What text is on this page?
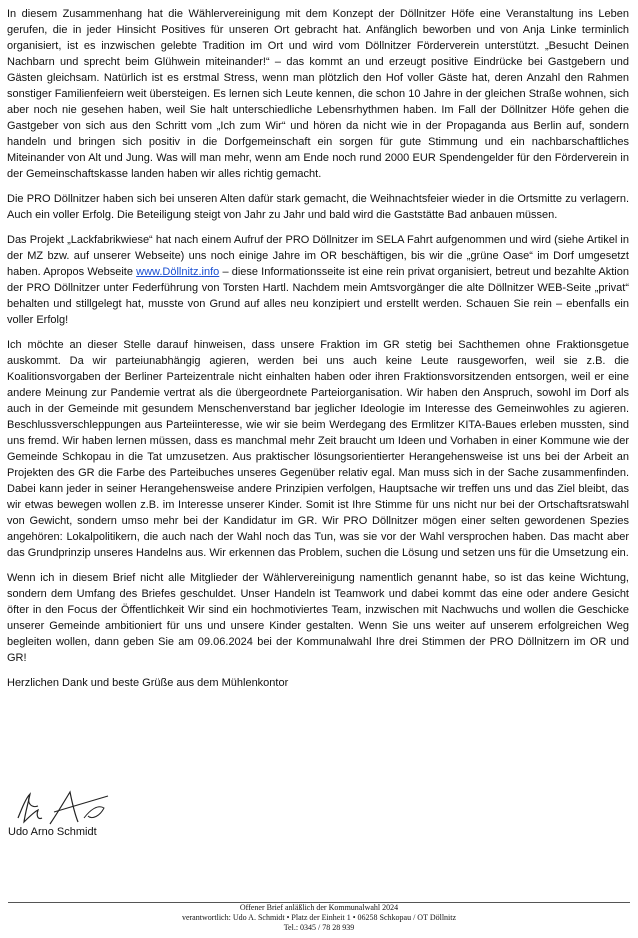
In diesem Zusammenhang hat die Wählervereinigung mit dem Konzept der Döllnitzer Höfe eine Veranstaltung ins Leben gerufen, die in jeder Hinsicht Positives für unseren Ort gebracht hat. Anfänglich beworben und von Anja Linke terminlich organisiert, ist es inzwischen gelebte Tradition im Ort und wird vom Döllnitzer Förderverein unterstützt. „Besucht Deinen Nachbarn und sprecht beim Glühwein miteinander!“ – das kommt an und erzeugt positive Eindrücke bei Gastgebern und Gästen gleichsam. Natürlich ist es erstmal Stress, wenn man plötzlich den Hof voller Gäste hat, deren Anzahl den Rahmen sonstiger Familienfeiern weit übersteigen. Es lernen sich Leute kennen, die schon 10 Jahre in der gleichen Straße wohnen, sich aber noch nie gesehen haben, weil Sie halt unterschiedliche Lebensrhythmen haben. Im Fall der Döllnitzer Höfe gehen die Gastgeber von sich aus den Schritt vom „Ich zum Wir“ und hören da nicht wie in der Propaganda aus Berlin auf, sondern handeln und bringen sich positiv in die Dorfgemeinschaft ein sorgen für gute Stimmung und ein nachbarschaftliches Miteinander von Alt und Jung. Was will man mehr, wenn am Ende noch rund 2000 EUR Spendengelder für den Förderverein in der Gemeinschaftskasse landen haben wir alles richtig gemacht.

Die PRO Döllnitzer haben sich bei unseren Alten dafür stark gemacht, die Weihnachtsfeier wieder in die Ortsmitte zu verlagern. Auch ein voller Erfolg. Die Beteiligung steigt von Jahr zu Jahr und bald wird die Gaststätte Bad anbauen müssen.

Das Projekt „Lackfabrikwiese“ hat nach einem Aufruf der PRO Döllnitzer im SELA Fahrt aufgenommen und wird (siehe Artikel in der MZ bzw. auf unserer Webseite) uns noch einige Jahre im OR beschäftigen, bis wir die „grüne Oase“ im Dorf umgesetzt haben. Apropos Webseite www.Döllnitz.info – diese Informationsseite ist eine rein privat organisiert, betreut und bezahlte Aktion der PRO Döllnitzer unter Federführung von Torsten Hartl. Nachdem mein Amtsvorgänger die alte Döllnitzer WEB-Seite „privat“ behalten und stillgelegt hat, musste von Grund auf alles neu konzipiert und erstellt werden. Schauen Sie rein – ebenfalls ein voller Erfolg!

Ich möchte an dieser Stelle darauf hinweisen, dass unsere Fraktion im GR stetig bei Sachthemen ohne Fraktionsgetue auskommt. Da wir parteiunabhängig agieren, werden bei uns auch keine Leute rausgeworfen, weil sie z.B. die Koalitionsvorgaben der Berliner Parteizentrale nicht einhalten haben oder ihren Fraktionsvorsitzenden entsorgen, weil er eine andere Meinung zur Pandemie vertrat als die übergeordnete Parteiorganisation. Wir haben den Anspruch, sowohl im Dorf als auch in der Gemeinde mit gesundem Menschenverstand bar jeglicher Ideologie im Interesse des Gemeinwohles zu agieren. Beschlussverschleppungen aus Parteiinteresse, wie wir sie beim Werdegang des Ermlitzer KITA-Baues erleben mussten, sind uns fremd. Wir haben lernen müssen, dass es manchmal mehr Zeit braucht um Ideen und Vorhaben in einer Kommune wie der Gemeinde Schkopau in die Tat umzusetzen. Aus praktischer lösungsorientierter Herangehensweise ist uns bei der Arbeit an Projekten des GR die Farbe des Parteibuches unseres Gegenüber relativ egal. Man muss sich in der Sache zusammenfinden. Dabei kann jeder in seiner Herangehensweise andere Prinzipien verfolgen, Hauptsache wir treffen uns und das Ziel bleibt, das wir etwas bewegen wollen z.B. im Interesse unserer Kinder. Somit ist Ihre Stimme für uns nicht nur bei der Ortschaftsratswahl von Gewicht, sondern umso mehr bei der Kandidatur im GR. Wir PRO Döllnitzer mögen einer selten gewordenen Spezies angehören: Lokalpolitikern, die auch nach der Wahl noch das Tun, was sie vor der Wahl versprochen haben. Das macht aber das Grundprinzip unseres Handelns aus. Wir erkennen das Problem, suchen die Lösung und setzen uns für die Umsetzung ein.

Wenn ich in diesem Brief nicht alle Mitglieder der Wählervereinigung namentlich genannt habe, so ist das keine Wichtung, sondern dem Umfang des Briefes geschuldet. Unser Handeln ist Teamwork und dabei kommt das eine oder andere Gesicht öfter in den Focus der Öffentlichkeit Wir sind ein hochmotiviertes Team, inzwischen mit Nachwuchs und wollen die Geschicke unserer Gemeinde ambitioniert für uns und unsere Kinder gestalten. Wenn Sie uns weiter auf unserem erfolgreichen Weg begleiten wollen, dann geben Sie am 09.06.2024 bei der Kommunalwahl Ihre drei Stimmen der PRO Döllnitzern im OR und GR!

Herzlichen Dank und beste Grüße aus dem Mühlenkontor

Udo Arno Schmidt
Offener Brief anläßlich der Kommunalwahl 2024
verantwortlich: Udo A. Schmidt • Platz der Einheit 1 • 06258 Schkopau / OT Döllnitz
Tel.: 0345 / 78 28 939
